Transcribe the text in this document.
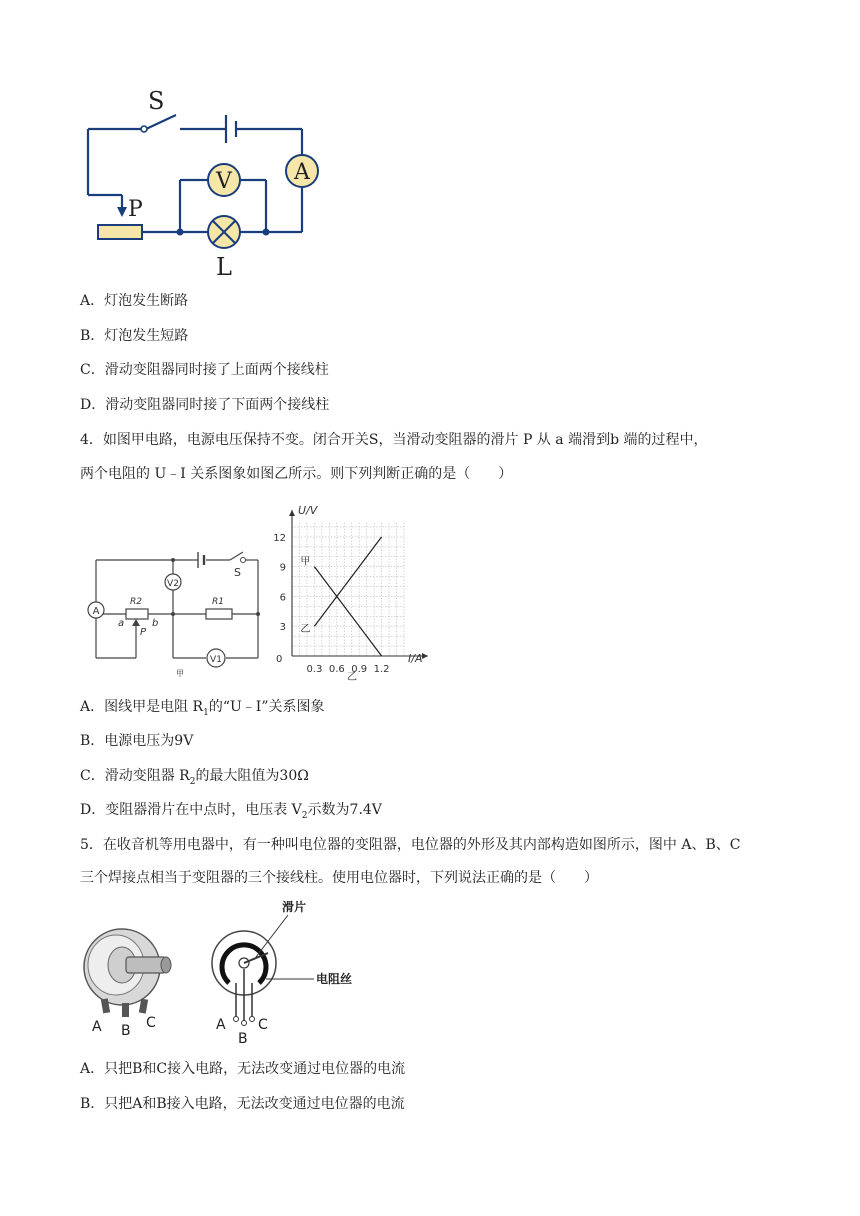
S
V	A
P
L
A．灯泡发生断路
B．灯泡发生短路
C．滑动变阻器同时接了上面两个接线柱
D．滑动变阻器同时接了下面两个接线柱
4．如图甲电路，电源电压保持不变。闭合开关S，当滑动变阻器的滑片 P 从 a 端滑到b 端的过程中，
两个电阻的 U﹣I 关系图象如图乙所示。则下列判断正确的是（　　）
V2
A
V1
S
R2	R1
a	b
P
甲	0.3 0.6 0.9 1.2
3
6
9
12
甲
乙
U/V
I/A
0
乙
A．图线甲是电阻 $R_1$的“U﹣I”关系图象
B．电源电压为9V
C．滑动变阻器 $R_2$的最大阻值为30Ω
D．变阻器滑片在中点时，电压表 $V_2$示数为7.4V
5．在收音机等用电器中，有一种叫电位器的变阻器，电位器的外形及其内部构造如图所示，图中 A、B、C
三个焊接点相当于变阻器的三个接线柱。使用电位器时，下列说法正确的是（　　）
A B C
滑片
电阻丝
A
B
C
A．只把B和C接入电路，无法改变通过电位器的电流
B．只把A和B接入电路，无法改变通过电位器的电流
